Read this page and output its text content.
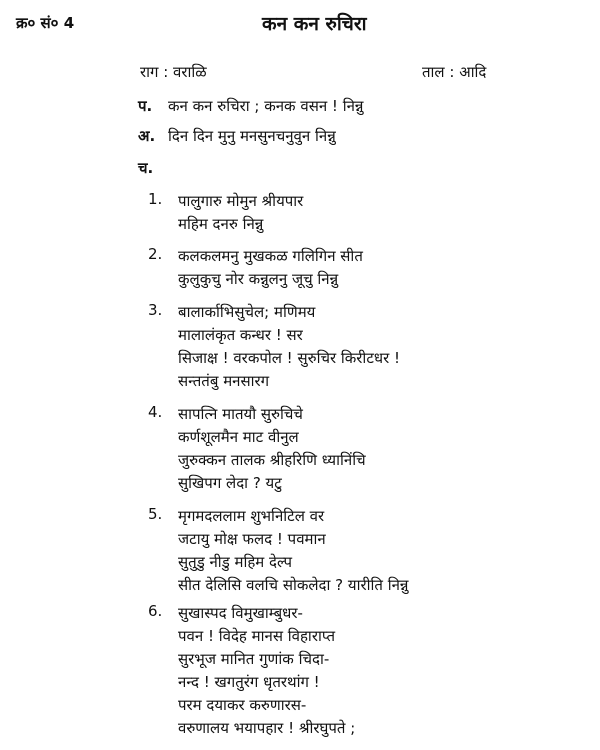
क्र० सं० 4	कन कन रुचिरा
राग : वराळि	ताल : आदि
प. कन कन रुचिरा ; कनक वसन ! निन्नु
अ. दिन दिन मुनु मनसुनचनुवुन निन्नु
च.
1.	पालुगारु मोमुन श्रीयपार
महिम दनरु निन्नु
2.	कलकलमनु मुखकळ गलिगिन सीत
कुलुकुचु नोर कन्नुलनु जूचु निन्नु
3.	बालार्काभिसुचेल; मणिमय
मालालंकृत कन्धर ! सर
सिजाक्ष ! वरकपोल ! सुरुचिर किरीटधर !
सन्ततंबु मनसारग
4.	सापत्नि मातयौ सुरुचिचे
कर्णशूलमैन माट वीनुल
जुरुक्कन तालक श्रीहरिणि ध्यानिंचि
सुखिपग लेदा ? यटु
5.	मृगमदललाम शुभनिटिल वर
जटायु मोक्ष फलद ! पवमान
सुतुडु नीडु महिम देल्प
सीत देलिसि वलचि सोकलेदा ? यारीति निन्नु
6.	सुखास्पद विमुखाम्बुधर-
पवन ! विदेह मानस विहाराप्त
सुरभूज मानित गुणांक चिदा-
नन्द ! खगतुरंग धृतरथांग !
परम दयाकर करुणारस-
वरुणालय भयापहार ! श्रीरघुपते ;
